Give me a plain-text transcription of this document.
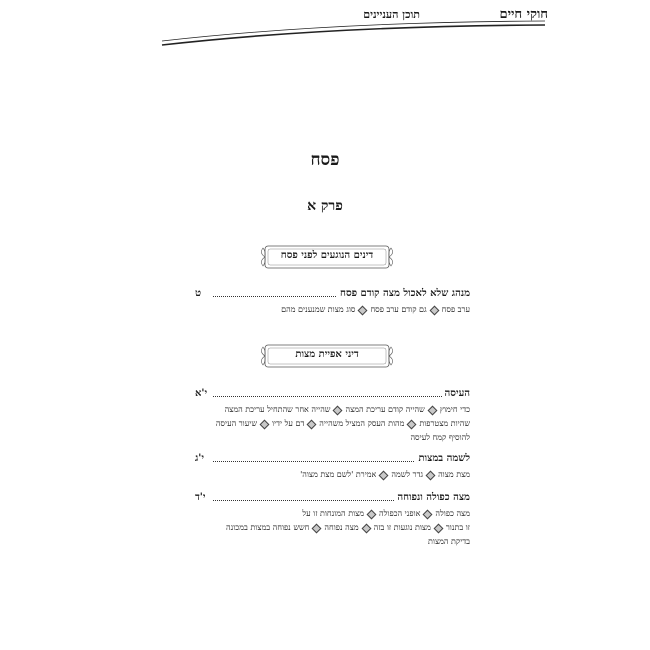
חוקי חיים
תוכן העניינים
פסח
פרק א
דינים הנוגעים לפני פסח
מנהג שלא לאכול מצה קודם פסח
ט
ערב פסחגם קודם ערב פסחסוג מצות שמנענים מהם
דיני אפיית מצות
העיסה
י'א
כדי חימוץשהייה קודם עריכת המצהשהייה אחר שהתחיל עריכת המצה
שהיות מצטרפותמהות העסק המציל משהייהדם על ידיושיעור העיסה
להוסיף קמח לעיסה
לשמה במצות
י'ג
מצת מצוהגדר לשמהאמירת 'לשם מצת מצוה'
מצה כפולה ונפוחה
י'ד
מצה כפולהאופני הכפולהמצות המונחות זו על
זו בתנורמצות נוגעות זו בזהמצה נפוחהחשש נפוחה במצות במכונה
בדיקת המצות
